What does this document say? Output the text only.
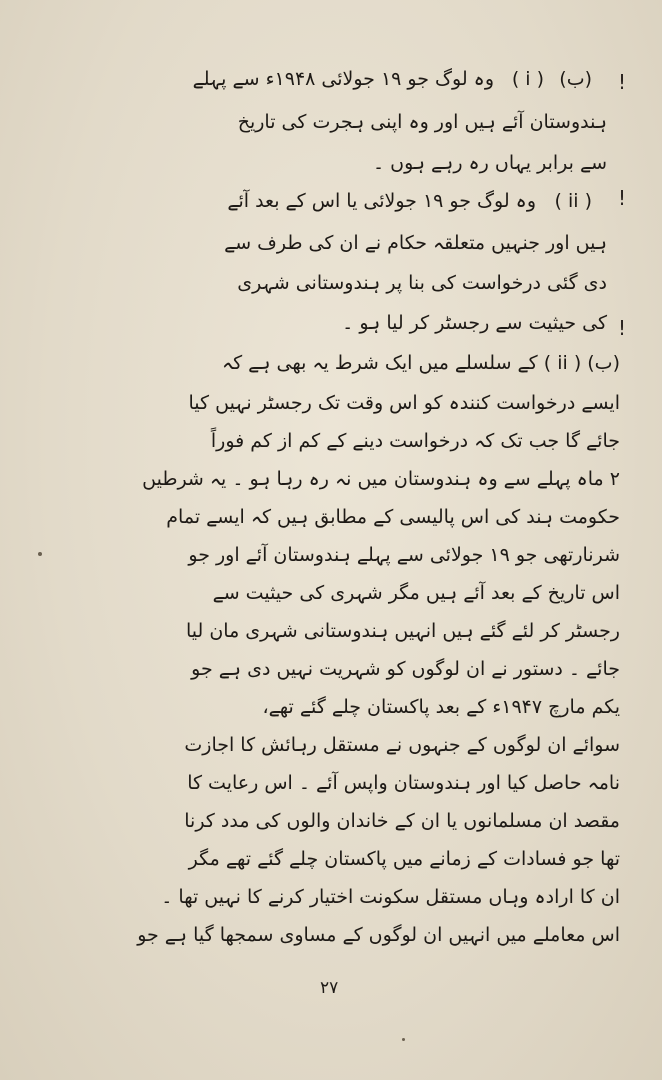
!
!
!
(ب)
( i )
وہ لوگ جو ۱۹ جولائی ۱۹۴۸ء سے پہلے
ہندوستان آئے ہیں اور وہ اپنی ہجرت کی تاریخ
سے برابر یہاں رہ رہے ہوں ۔
( ii )
وہ لوگ جو ۱۹ جولائی یا اس کے بعد آئے
ہیں اور جنہیں متعلقہ حکام نے ان کی طرف سے
دی گئی درخواست کی بنا پر ہندوستانی شہری
کی حیثیت سے رجسٹر کر لیا ہو ۔
(ب) ( ii ) کے سلسلے میں ایک شرط یہ بھی ہے کہ
ایسے درخواست کنندہ کو اس وقت تک رجسٹر نہیں کیا
جائے گا جب تک کہ درخواست دینے کے کم از کم فوراً
۲ ماہ پہلے سے وہ ہندوستان میں نہ رہ رہا ہو ۔ یہ شرطیں
حکومت ہند کی اس پالیسی کے مطابق ہیں کہ ایسے تمام
شرنارتھی جو ۱۹ جولائی سے پہلے ہندوستان آئے اور جو
اس تاریخ کے بعد آئے ہیں مگر شہری کی حیثیت سے
رجسٹر کر لئے گئے ہیں انہیں ہندوستانی شہری مان لیا
جائے ۔ دستور نے ان لوگوں کو شہریت نہیں دی ہے جو
یکم مارچ ۱۹۴۷ء کے بعد پاکستان چلے گئے تھے،
سوائے ان لوگوں کے جنہوں نے مستقل رہائش کا اجازت
نامہ حاصل کیا اور ہندوستان واپس آئے ۔ اس رعایت کا
مقصد ان مسلمانوں یا ان کے خاندان والوں کی مدد کرنا
تھا جو فسادات کے زمانے میں پاکستان چلے گئے تھے مگر
ان کا ارادہ وہاں مستقل سکونت اختیار کرنے کا نہیں تھا ۔
اس معاملے میں انہیں ان لوگوں کے مساوی سمجھا گیا ہے جو
۲۷
